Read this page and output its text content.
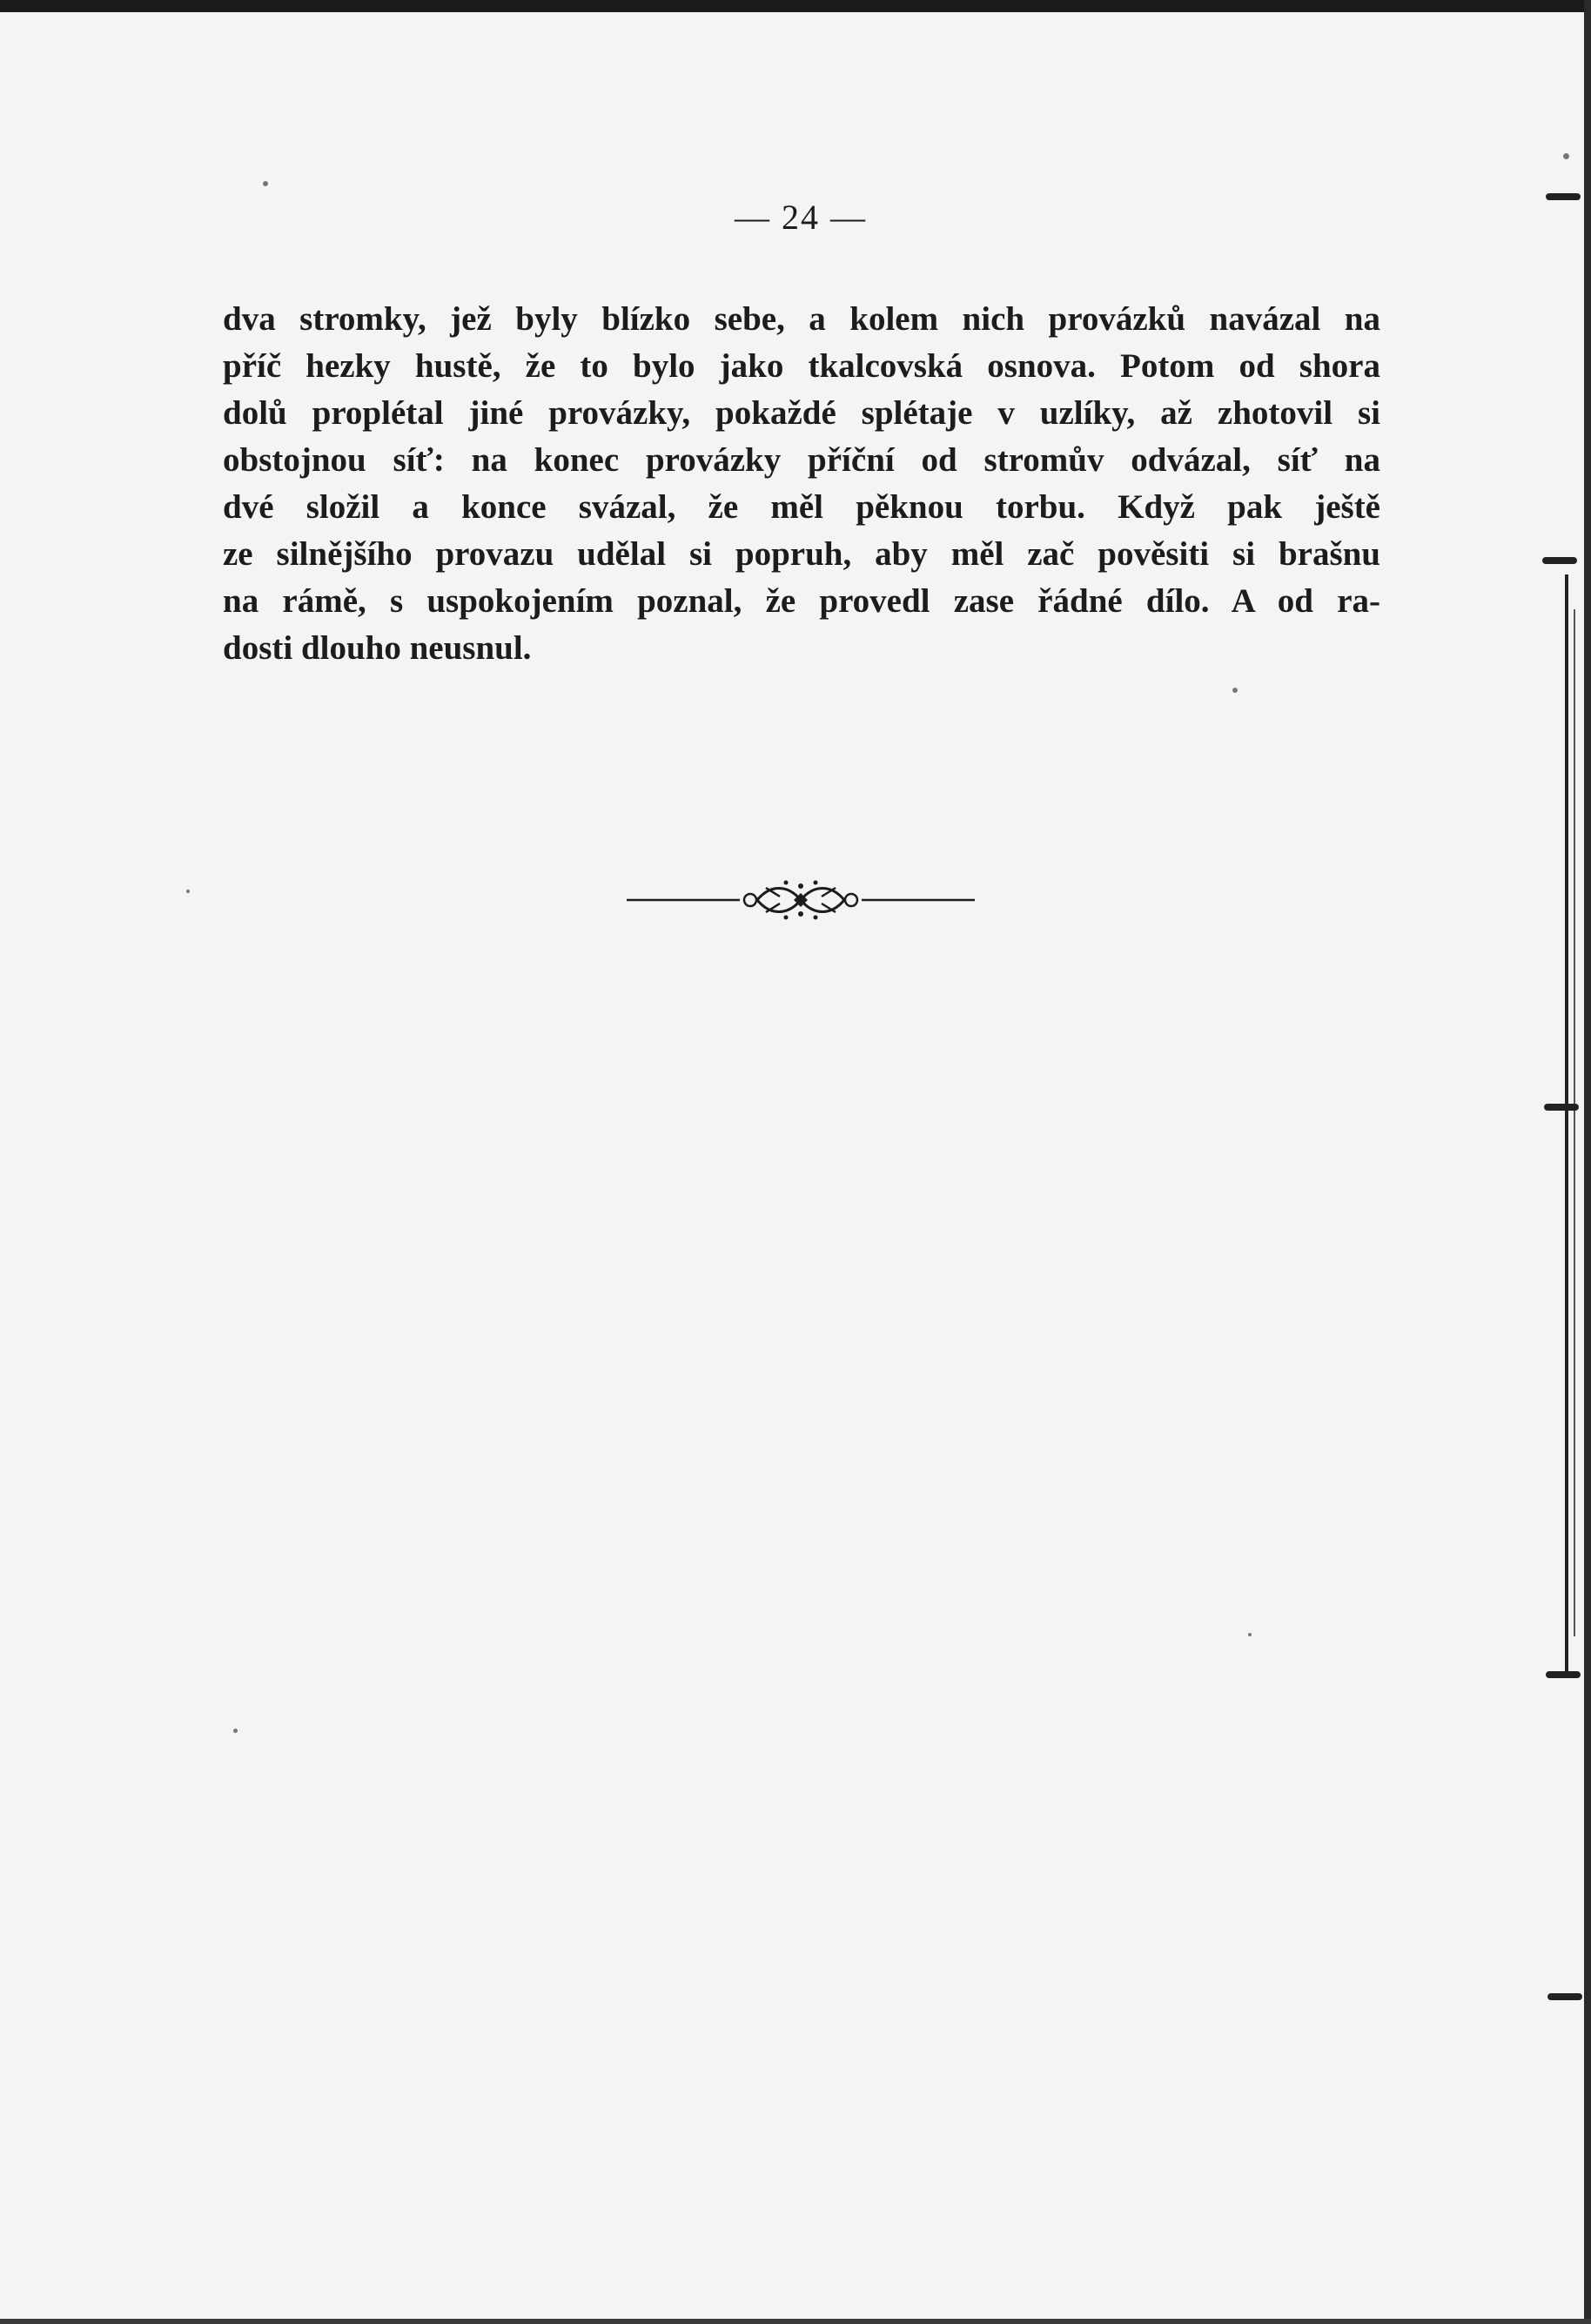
— 24 —
dva stromky, jež byly blízko sebe, a kolem nich provázků navázal na
příč hezky hustě, že to bylo jako tkalcovská osnova. Potom od shora
dolů proplétal jiné provázky, pokaždé splétaje v uzlíky, až zhotovil si
obstojnou síť: na konec provázky příční od stromův odvázal, síť na
dvé složil a konce svázal, že měl pěknou torbu. Když pak ještě
ze silnějšího provazu udělal si popruh, aby měl zač pověsiti si brašnu
na rámě, s uspokojením poznal, že provedl zase řádné dílo. A od ra-
dosti dlouho neusnul.
